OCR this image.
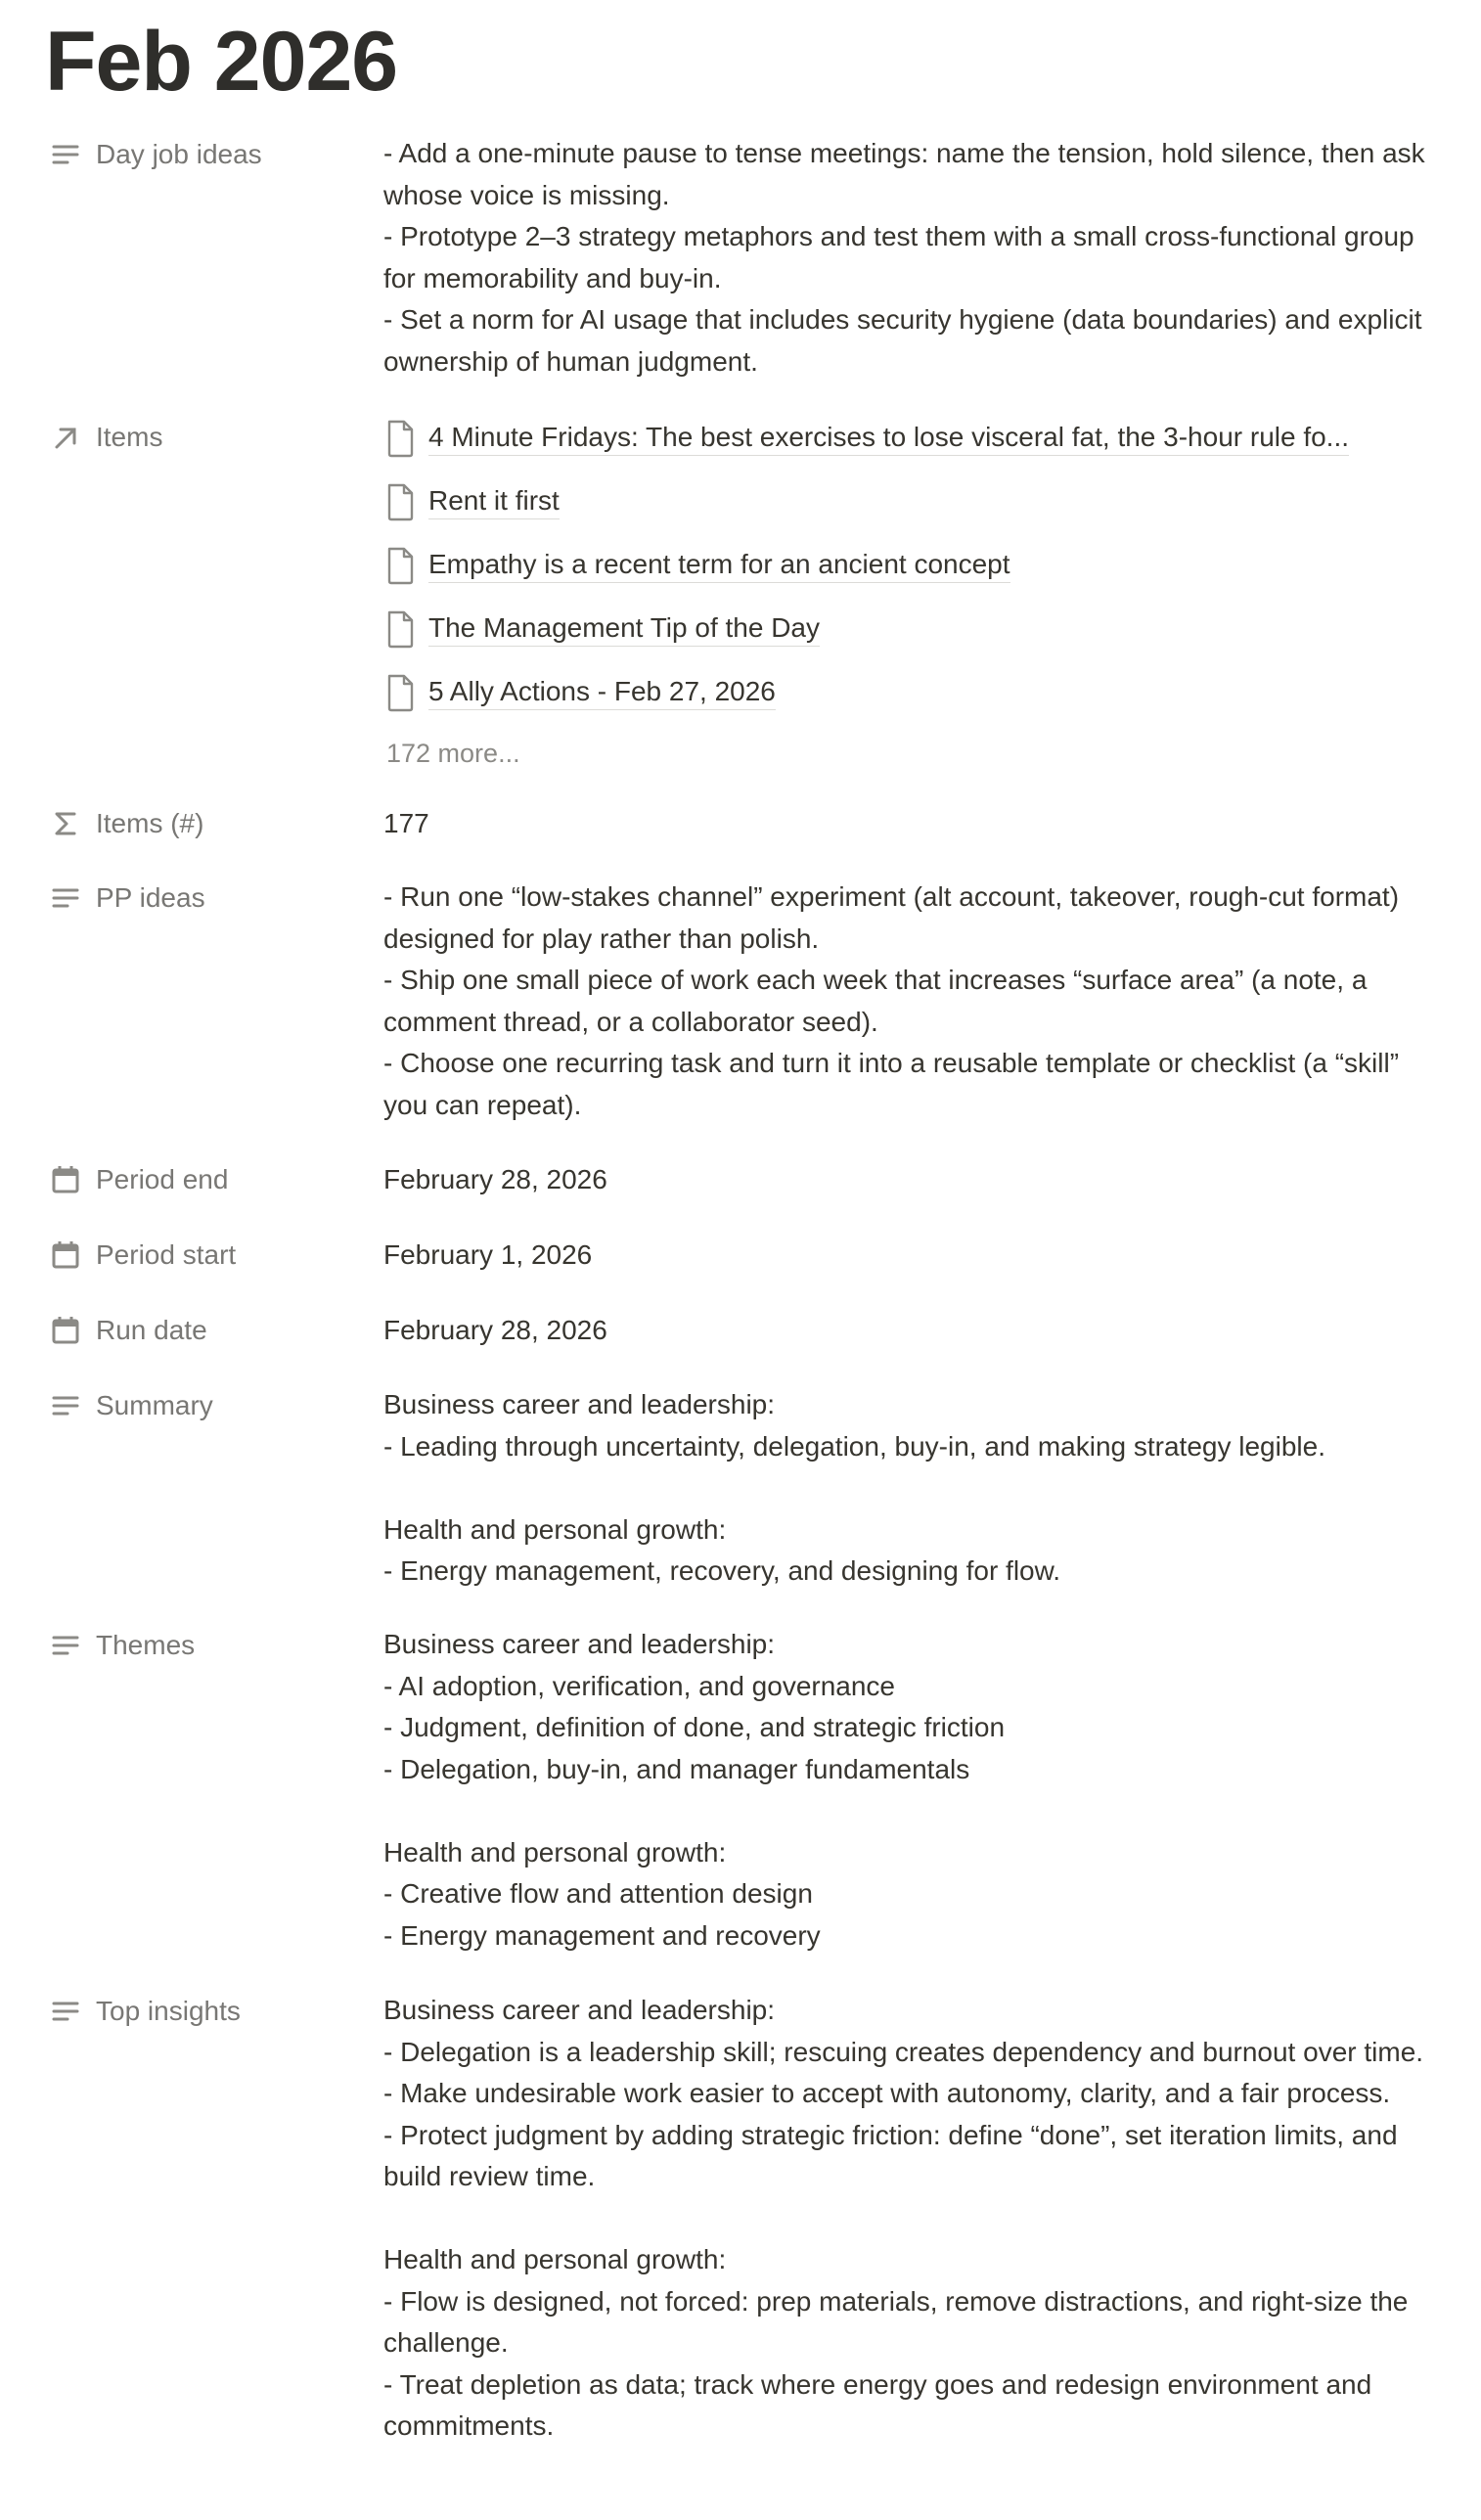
Feb 2026
Day job ideas	- Add a one-minute pause to tense meetings: name the tension, hold silence, then ask whose voice is missing.
- Prototype 2–3 strategy metaphors and test them with a small cross-functional group for memorability and buy-in.
- Set a norm for AI usage that includes security hygiene (data boundaries) and explicit ownership of human judgment.
Items	4 Minute Fridays: The best exercises to lose visceral fat, the 3-hour rule fo...
Rent it first
Empathy is a recent term for an ancient concept
The Management Tip of the Day
5 Ally Actions - Feb 27, 2026
172 more...
Items (#)	177
PP ideas	- Run one “low-stakes channel” experiment (alt account, takeover, rough-cut format) designed for play rather than polish.
- Ship one small piece of work each week that increases “surface area” (a note, a comment thread, or a collaborator seed).
- Choose one recurring task and turn it into a reusable template or checklist (a “skill” you can repeat).
Period end	February 28, 2026
Period start	February 1, 2026
Run date	February 28, 2026
Summary	Business career and leadership:
- Leading through uncertainty, delegation, buy-in, and making strategy legible.

Health and personal growth:
- Energy management, recovery, and designing for flow.
Themes	Business career and leadership:
- AI adoption, verification, and governance
- Judgment, definition of done, and strategic friction
- Delegation, buy-in, and manager fundamentals

Health and personal growth:
- Creative flow and attention design
- Energy management and recovery
Top insights	Business career and leadership:
- Delegation is a leadership skill; rescuing creates dependency and burnout over time.
- Make undesirable work easier to accept with autonomy, clarity, and a fair process.
- Protect judgment by adding strategic friction: define “done”, set iteration limits, and build review time.

Health and personal growth:
- Flow is designed, not forced: prep materials, remove distractions, and right-size the challenge.
- Treat depletion as data; track where energy goes and redesign environment and commitments.
